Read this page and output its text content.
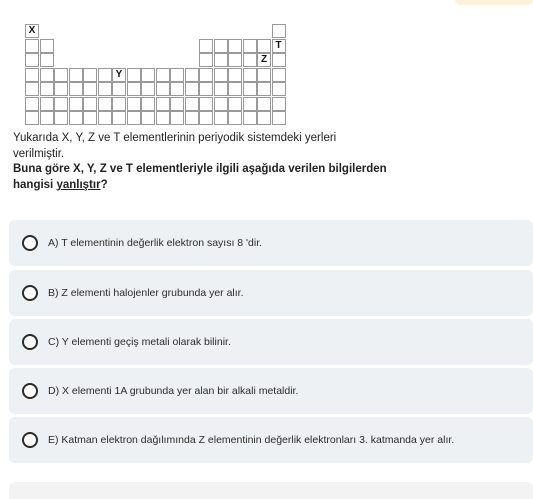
X
T
Z
Y
Yukarıda X, Y, Z ve T elementlerinin periyodik sistemdeki yerleri
verilmiştir.
Buna göre X, Y, Z ve T elementleriyle ilgili aşağıda verilen bilgilerden
hangisi yanlıştır?
A) T elementinin değerlik elektron sayısı 8 'dir.
B) Z elementi halojenler grubunda yer alır.
C) Y elementi geçiş metali olarak bilinir.
D) X elementi 1A grubunda yer alan bir alkali metaldir.
E) Katman elektron dağılımında Z elementinin değerlik elektronları 3. katmanda yer alır.
